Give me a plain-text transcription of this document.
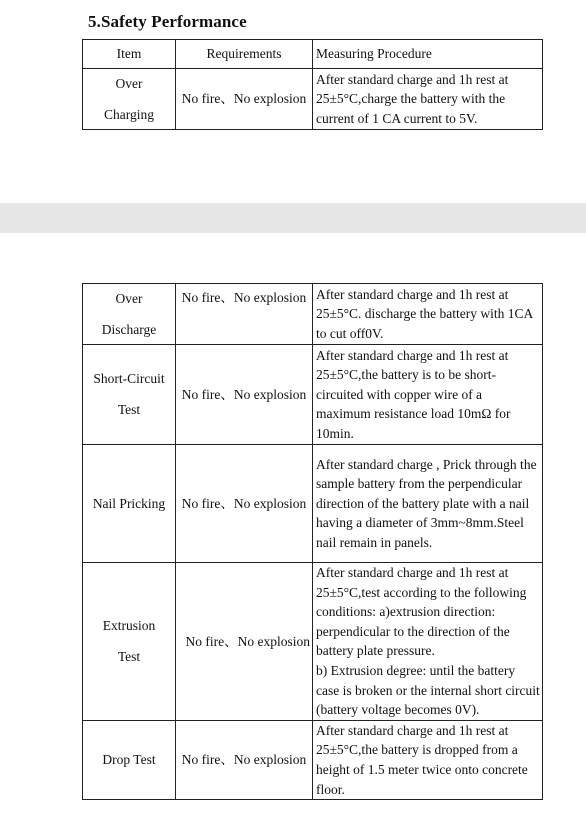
5.Safety Performance
Item	Requirements	Measuring Procedure

Over
Charging	No fire、No explosion	After standard charge and 1h rest at 25±5°C,charge the battery with the current of 1 CA current to 5V.
Over
Discharge	No fire、No explosion	After standard charge and 1h rest at 25±5°C. discharge the battery with 1CA to cut off0V.

Short-Circuit
Test	No fire、No explosion	After standard charge and 1h rest at 25±5°C,the battery is to be short-circuited with copper wire of a maximum resistance load 10mΩ for 10min.

Nail Pricking	No fire、No explosion	After standard charge , Prick through the sample battery from the perpendicular direction of the battery plate with a nail having a diameter of 3mm~8mm.Steel nail remain in panels.

Extrusion
Test	No fire、No explosion	After standard charge and 1h rest at 25±5°C,test according to the following conditions: a)extrusion direction: perpendicular to the direction of the battery plate pressure.
b) Extrusion degree: until the battery case is broken or the internal short circuit (battery voltage becomes 0V).

Drop Test	No fire、No explosion	After standard charge and 1h rest at 25±5°C,the battery is dropped from a height of 1.5 meter twice onto concrete floor.
